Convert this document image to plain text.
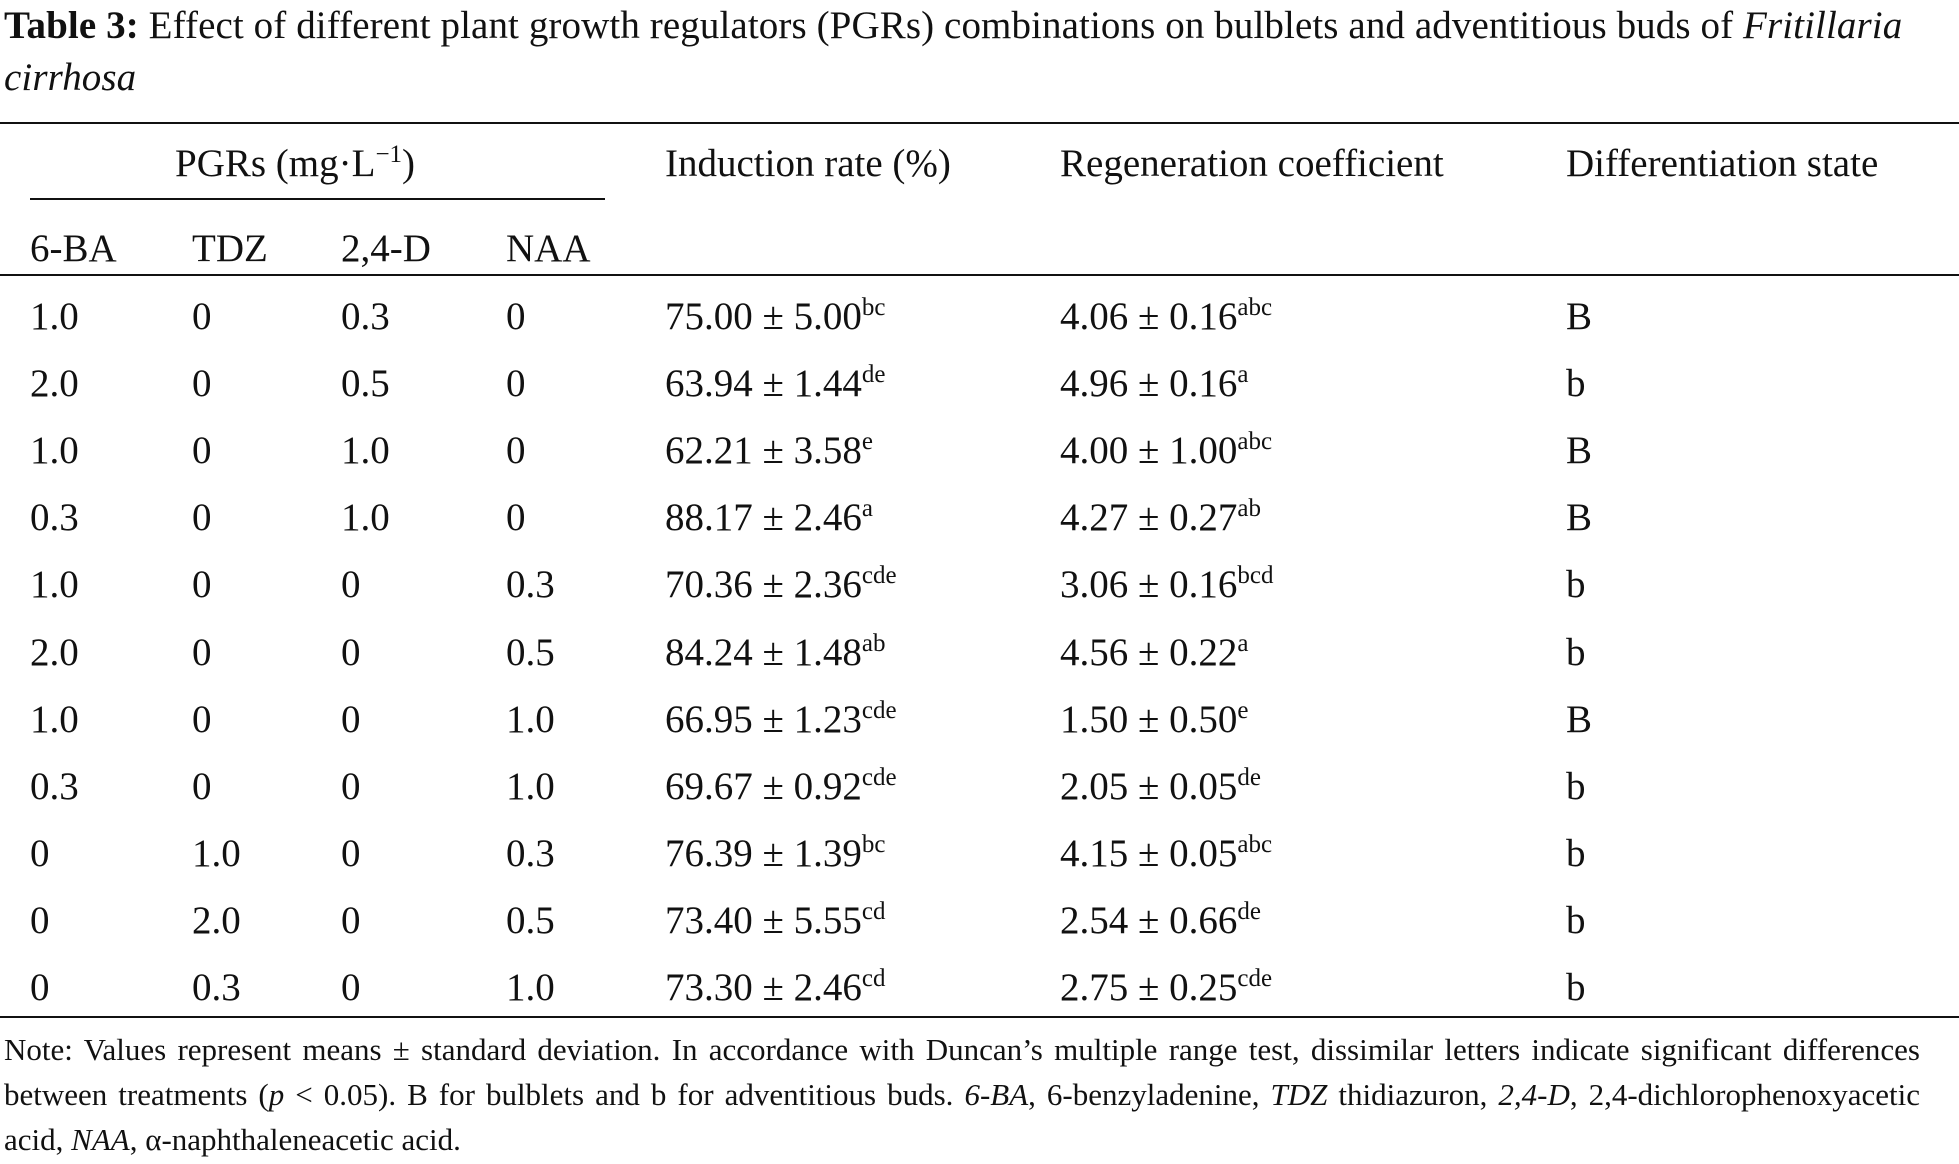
Table 3: Effect of different plant growth regulators (PGRs) combinations on bulblets and adventitious buds of Fritillaria cirrhosa
PGRs $(mg\cdot L^{-1})$	Induction rate (%)	Regeneration coefficient	Differentiation state
6-BA TDZ 2,4-D NAA
1.0	0	0.3	0	75.00 ± 5.00$^{bc}$	4.06 ± 0.16$^{abc}$	B
2.0	0	0.5	0	63.94 ± 1.44de	4.96 ± 0.16$^a$	b
1.0	0	1.0	0	62.21 ± 3.58$^e$	4.00 ± 1.00$^{abc}$	B
0.3	0	1.0	0	88.17 ± 2.46$^a$	4.27 ± 0.27$^{ab}$	B
1.0	0	0	0.3	70.36 ± 2.36$^{cde}$	3.06 ± 0.16$^{bcd}$	b
2.0	0	0	0.5	84.24 ± 1.48$^{ab}$	4.56 ± 0.22$^a$	b
1.0	0	0	1.0	66.95 ± 1.23$^{cde}$	1.50 ± 0.50$^e$	B
0.3	0	0	1.0	69.67 ± 0.92$^{cde}$	2.05 ± 0.05de	b
0	1.0	0	0.3	76.39 ± 1.39$^{bc}$	4.15 ± 0.05$^{abc}$	b
0	2.0	0	0.5	73.40 ± 5.55$^{cd}$	2.54 ± 0.66de	b
0	0.3	0	1.0	73.30 ± 2.46$^{cd}$	2.75 ± 0.25$^{cde}$	b
Note: Values represent means ± standard deviation. In accordance with Duncan’s multiple range test, dissimilar letters indicate significant differences between treatments (p < 0.05). B for bulblets and b for adventitious buds. 6-BA, 6-benzyladenine, TDZ thidiazuron, 2,4-D, 2,4-dichlorophenoxyacetic acid, NAA, α-naphthaleneacetic acid.
